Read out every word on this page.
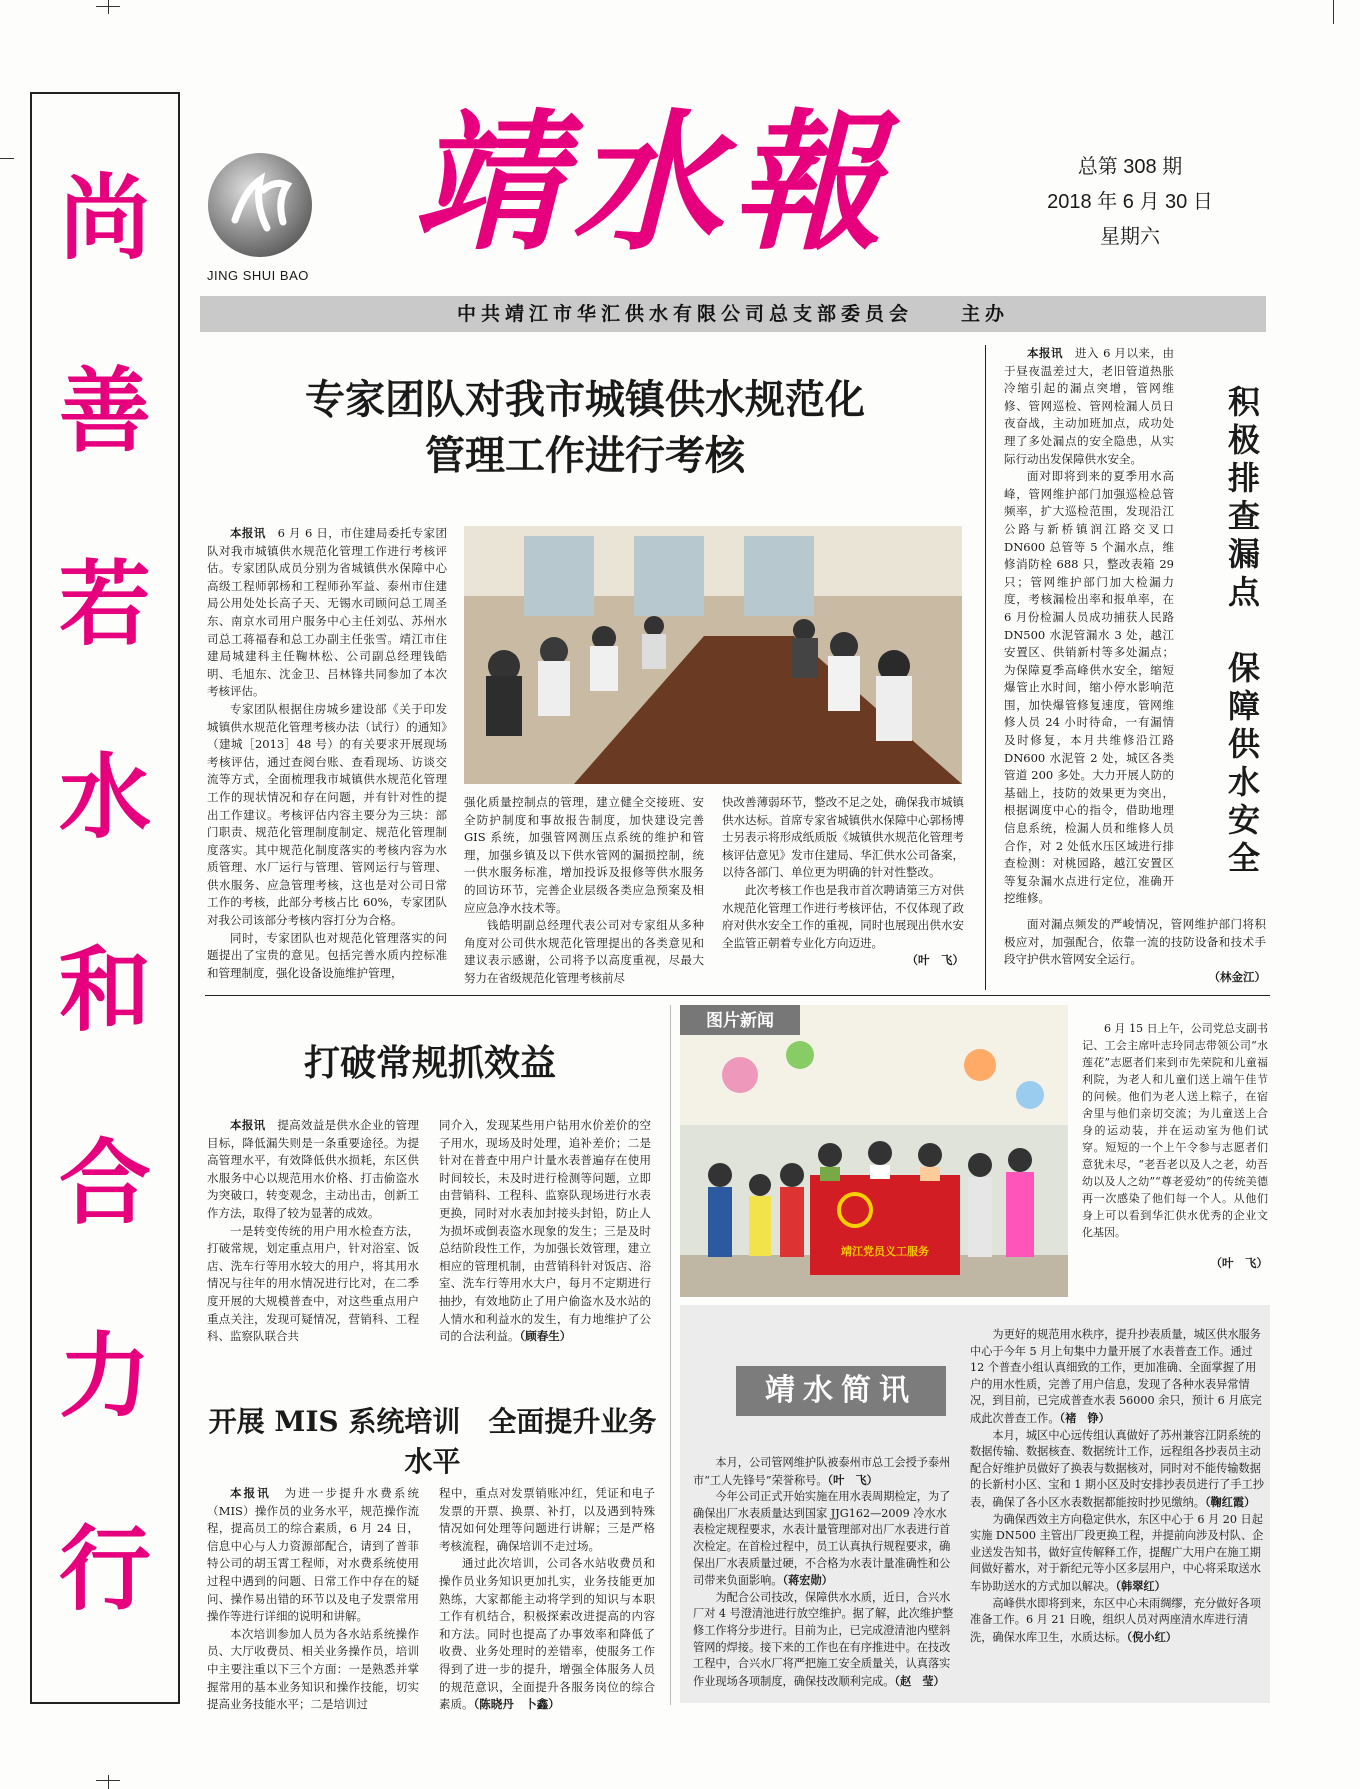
尚
善
若
水
和
合
力
行
JING SHUI BAO
靖水報	总第 308 期
2018 年 6 月 30 日
星期六
中共靖江市华汇供水有限公司总支部委员会　　主办
专家团队对我市城镇供水规范化
管理工作进行考核

本报讯　 6 月 6 日，市住建局委托专家团队对我市城镇供水规范化管理工作进行考核评估。专家团队成员分别为省城镇供水保障中心高级工程师郭杨和工程师孙军益、泰州市住建局公用处处长高子天、无锡水司顾问总工周圣东、南京水司用户服务中心主任刘弘、苏州水司总工蒋福春和总工办副主任张雪。靖江市住建局城建科主任鞠林松、公司副总经理钱皓明、毛旭东、沈金卫、吕林锋共同参加了本次考核评估。

专家团队根据住房城乡建设部《关于印发城镇供水规范化管理考核办法（试行）的通知》（建城［2013］48 号）的有关要求开展现场考核评估，通过查阅台账、查看现场、访谈交流等方式，全面梳理我市城镇供水规范化管理工作的现状情况和存在问题，并有针对性的提出工作建议。考核评估内容主要分为三块：部门职责、规范化管理制度制定、规范化管理制度落实。其中规范化制度落实的考核内容为水质管理、水厂运行与管理、管网运行与管理、供水服务、应急管理考核，这也是对公司日常工作的考核，此部分考核占比 60%，专家团队对我公司该部分考核内容打分为合格。

同时，专家团队也对规范化管理落实的问题提出了宝贵的意见。包括完善水质内控标准和管理制度，强化设备设施维护管理，

强化质量控制点的管理，建立健全交接班、安全防护制度和事故报告制度，加快建设完善 GIS 系统，加强管网测压点系统的维护和管理，加强乡镇及以下供水管网的漏损控制，统一供水服务标准，增加投诉及报修等供水服务的回访环节，完善企业层级各类应急预案及相应应急净水技术等。

钱皓明副总经理代表公司对专家组从多种角度对公司供水规范化管理提出的各类意见和建议表示感谢，公司将予以高度重视，尽最大努力在省级规范化管理考核前尽

快改善薄弱环节，整改不足之处，确保我市城镇供水达标。首席专家省城镇供水保障中心郭杨博士另表示将形成纸质版《城镇供水规范化管理考核评估意见》发市住建局、华汇供水公司备案，以待各部门、单位更为明确的针对性整改。

此次考核工作也是我市首次聘请第三方对供水规范化管理工作进行考核评估，不仅体现了政府对供水安全工作的重视，同时也展现出供水安全监管正朝着专业化方向迈进。

（叶　飞）

本报讯　 进入 6 月以来，由于昼夜温差过大，老旧管道热胀冷缩引起的漏点突增，管网维修、管网巡检、管网检漏人员日夜奋战，主动加班加点，成功处理了多处漏点的安全隐患，从实际行动出发保障供水安全。

面对即将到来的夏季用水高峰，管网维护部门加强巡检总管频率，扩大巡检范围，发现沿江公路与新桥镇润江路交叉口 DN600 总管等 5 个漏水点，维修消防栓 688 只，整改表箱 29 只；管网维护部门加大检漏力度，考核漏检出率和报单率，在 6 月份检漏人员成功捕获人民路 DN500 水泥管漏水 3 处，越江安置区、供销新村等多处漏点；为保障夏季高峰供水安全，缩短爆管止水时间，缩小停水影响范围，加快爆管修复速度，管网维修人员 24 小时待命，一有漏情及时修复，本月共维修沿江路 DN600 水泥管 2 处，城区各类管道 200 多处。大力开展人防的基础上，技防的效果更为突出，根据调度中心的指令，借助地理信息系统，检漏人员和维修人员合作，对 2 处低水压区域进行排查检测：对桃园路，越江安置区等复杂漏水点进行定位，准确开挖维修。

积极排查漏点　保障供水安全

面对漏点频发的严峻情况，管网维护部门将积极应对，加强配合，依靠一流的技防设备和技术手段守护供水管网安全运行。

（林金江）
打破常规抓效益

本报讯　 提高效益是供水企业的管理目标，降低漏失则是一条重要途径。为提高管理水平，有效降低供水损耗，东区供水服务中心以规范用水价格、打击偷盗水为突破口，转变观念，主动出击，创新工作方法，取得了较为显著的成效。

一是转变传统的用户用水检查方法，打破常规，划定重点用户，针对浴室、饭店、洗车行等用水较大的用户，将其用水情况与往年的用水情况进行比对，在二季度开展的大规模普查中，对这些重点用户重点关注，发现可疑情况，营销科、工程科、监察队联合共

同介入，发现某些用户钻用水价差价的空子用水，现场及时处理，追补差价；二是针对在普查中用户计量水表普遍存在使用时间较长，未及时进行检测等问题，立即由营销科、工程科、监察队现场进行水表更换，同时对水表加封接头封铅，防止人为损坏或倒表盗水现象的发生；三是及时总结阶段性工作，为加强长效管理，建立相应的管理机制，由营销科针对饭店、浴室、洗车行等用水大户，每月不定期进行抽抄，有效地防止了用户偷盗水及水站的人情水和利益水的发生，有力地维护了公司的合法利益。（顾春生）

开展 MIS 系统培训　全面提升业务水平

本报讯　 为进一步提升水费系统（MIS）操作员的业务水平，规范操作流程，提高员工的综合素质，6 月 24 日，信息中心与人力资源部配合，请到了普菲特公司的胡玉霄工程师，对水费系统使用过程中遇到的问题、日常工作中存在的疑问、操作易出错的环节以及电子发票常用操作等进行详细的说明和讲解。

本次培训参加人员为各水站系统操作员、大厅收费员、相关业务操作员，培训中主要注重以下三个方面：一是熟悉并掌握常用的基本业务知识和操作技能，切实提高业务技能水平；二是培训过

程中，重点对发票销账冲红，凭证和电子发票的开票、换票、补打，以及遇到特殊情况如何处理等问题进行讲解；三是严格考核流程，确保培训不走过场。

通过此次培训，公司各水站收费员和操作员业务知识更加扎实，业务技能更加熟练，大家都能主动将学到的知识与本职工作有机结合，积极探索改进提高的内容和方法。同时也提高了办事效率和降低了收费、业务处理时的差错率，使服务工作得到了进一步的提升，增强全体服务人员的规范意识，全面提升各服务岗位的综合素质。（陈晓丹　卜鑫）

靖江党员义工服务
图片新闻	6 月 15 日上午，公司党总支副书记、工会主席叶志玲同志带领公司“水莲花”志愿者们来到市先荣院和儿童福利院，为老人和儿童们送上端午佳节的问候。他们为老人送上粽子，在宿舍里与他们亲切交流；为儿童送上合身的运动装，并在运动室为他们试穿。短短的一个上午令参与志愿者们意犹未尽，“老吾老以及人之老，幼吾幼以及人之幼”“尊老爱幼”的传统美德再一次感染了他们每一个人。从他们身上可以看到华汇供水优秀的企业文化基因。
（叶　飞）
靖水简讯

为更好的规范用水秩序，提升抄表质量，城区供水服务中心于今年 5 月上旬集中力量开展了水表普查工作。通过 12 个普查小组认真细致的工作，更加准确、全面掌握了用户的用水性质，完善了用户信息，发现了各种水表异常情况，到目前，已完成普查水表 56000 余只，预计 6 月底完成此次普查工作。（褚　铮）

本月，城区中心远传组认真做好了苏州兼容江阴系统的数据传输、数据核查、数据统计工作，远程组各抄表员主动配合好维护员做好了换表与数据核对，同时对不能传输数据的长新村小区、宝和 1 期小区及时安排抄表员进行了手工抄表，确保了各小区水表数据都能按时抄见缴纳。（鞠红霞）

为确保西效主方向稳定供水，东区中心于 6 月 20 日起实施 DN500 主管出厂段更换工程，并提前向涉及村队、企业送发告知书，做好宣传解释工作，提醒广大用户在施工期间做好蓄水，对于新纪元等小区多层用户，中心将采取送水车协助送水的方式加以解决。（韩翠红）

高峰供水即将到来，东区中心未雨绸缪，充分做好各项准备工作。6 月 21 日晚，组织人员对两座清水库进行清洗，确保水库卫生，水质达标。（倪小红）

本月，公司管网维护队被泰州市总工会授予泰州市“工人先锋号”荣誉称号。（叶　飞）

今年公司正式开始实施在用水表周期检定，为了确保出厂水表质量达到国家 JJG162—2009 冷水水表检定规程要求，水表计量管理部对出厂水表进行首次检定。在首检过程中，员工认真执行规程要求，确保出厂水表质量过硬，不合格为水表计量准确性和公司带来负面影响。（蒋宏勋）

为配合公司技改，保障供水水质，近日，合兴水厂对 4 号澄清池进行放空维护。据了解，此次维护整修工作将分步进行。目前为止，已完成澄清池内壁斜管网的焊接。接下来的工作也在有序推进中。在技改工程中，合兴水厂将严把施工安全质量关，认真落实作业现场各项制度，确保技改顺利完成。（赵　莹）
